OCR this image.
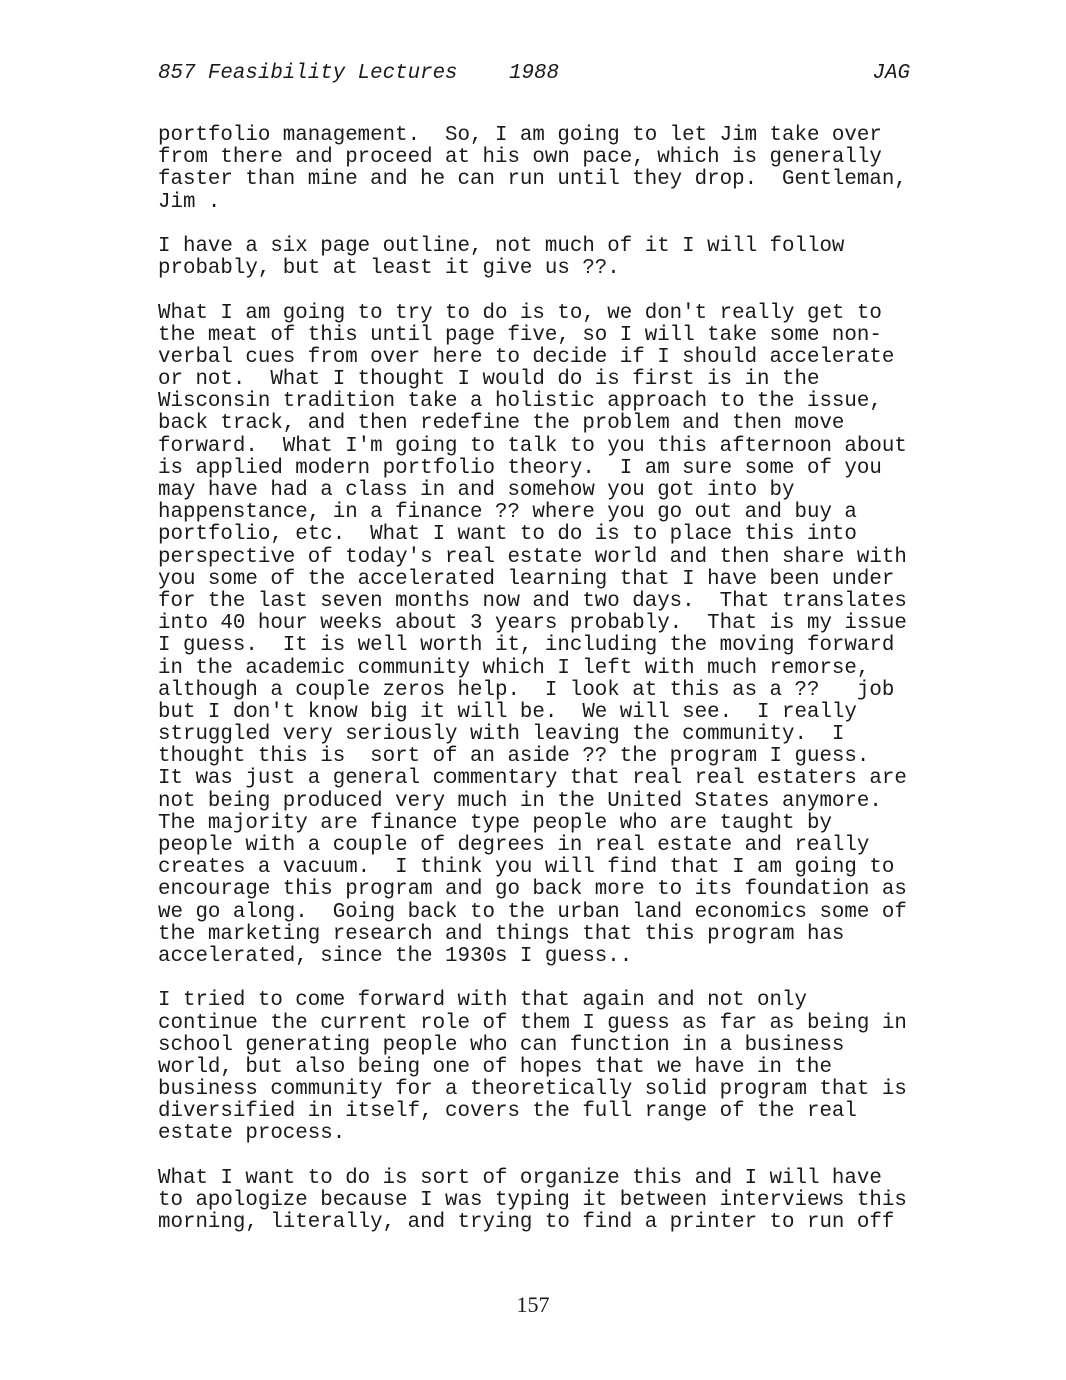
857 Feasibility Lectures 1988	JAG
portfolio management.  So, I am going to let Jim take over
from there and proceed at his own pace, which is generally
faster than mine and he can run until they drop.  Gentleman,
Jim .
I have a six page outline, not much of it I will follow
probably, but at least it give us ??.
What I am going to try to do is to, we don't really get to
the meat of this until page five, so I will take some non-
verbal cues from over here to decide if I should accelerate
or not.  What I thought I would do is first is in the
Wisconsin tradition take a holistic approach to the issue,
back track, and then redefine the problem and then move
forward.  What I'm going to talk to you this afternoon about
is applied modern portfolio theory.  I am sure some of you
may have had a class in and somehow you got into by
happenstance, in a finance ?? where you go out and buy a
portfolio, etc.  What I want to do is to place this into
perspective of today's real estate world and then share with
you some of the accelerated learning that I have been under
for the last seven months now and two days.  That translates
into 40 hour weeks about 3 years probably.  That is my issue
I guess.  It is well worth it, including the moving forward
in the academic community which I left with much remorse,
although a couple zeros help.  I look at this as a ??   job
but I don't know big it will be.  We will see.  I really
struggled very seriously with leaving the community.  I
thought this is  sort of an aside ?? the program I guess.
It was just a general commentary that real real estaters are
not being produced very much in the United States anymore.
The majority are finance type people who are taught by
people with a couple of degrees in real estate and really
creates a vacuum.  I think you will find that I am going to
encourage this program and go back more to its foundation as
we go along.  Going back to the urban land economics some of
the marketing research and things that this program has
accelerated, since the 1930s I guess..
I tried to come forward with that again and not only
continue the current role of them I guess as far as being in
school generating people who can function in a business
world, but also being one of hopes that we have in the
business community for a theoretically solid program that is
diversified in itself, covers the full range of the real
estate process.
What I want to do is sort of organize this and I will have
to apologize because I was typing it between interviews this
morning, literally, and trying to find a printer to run off
157
